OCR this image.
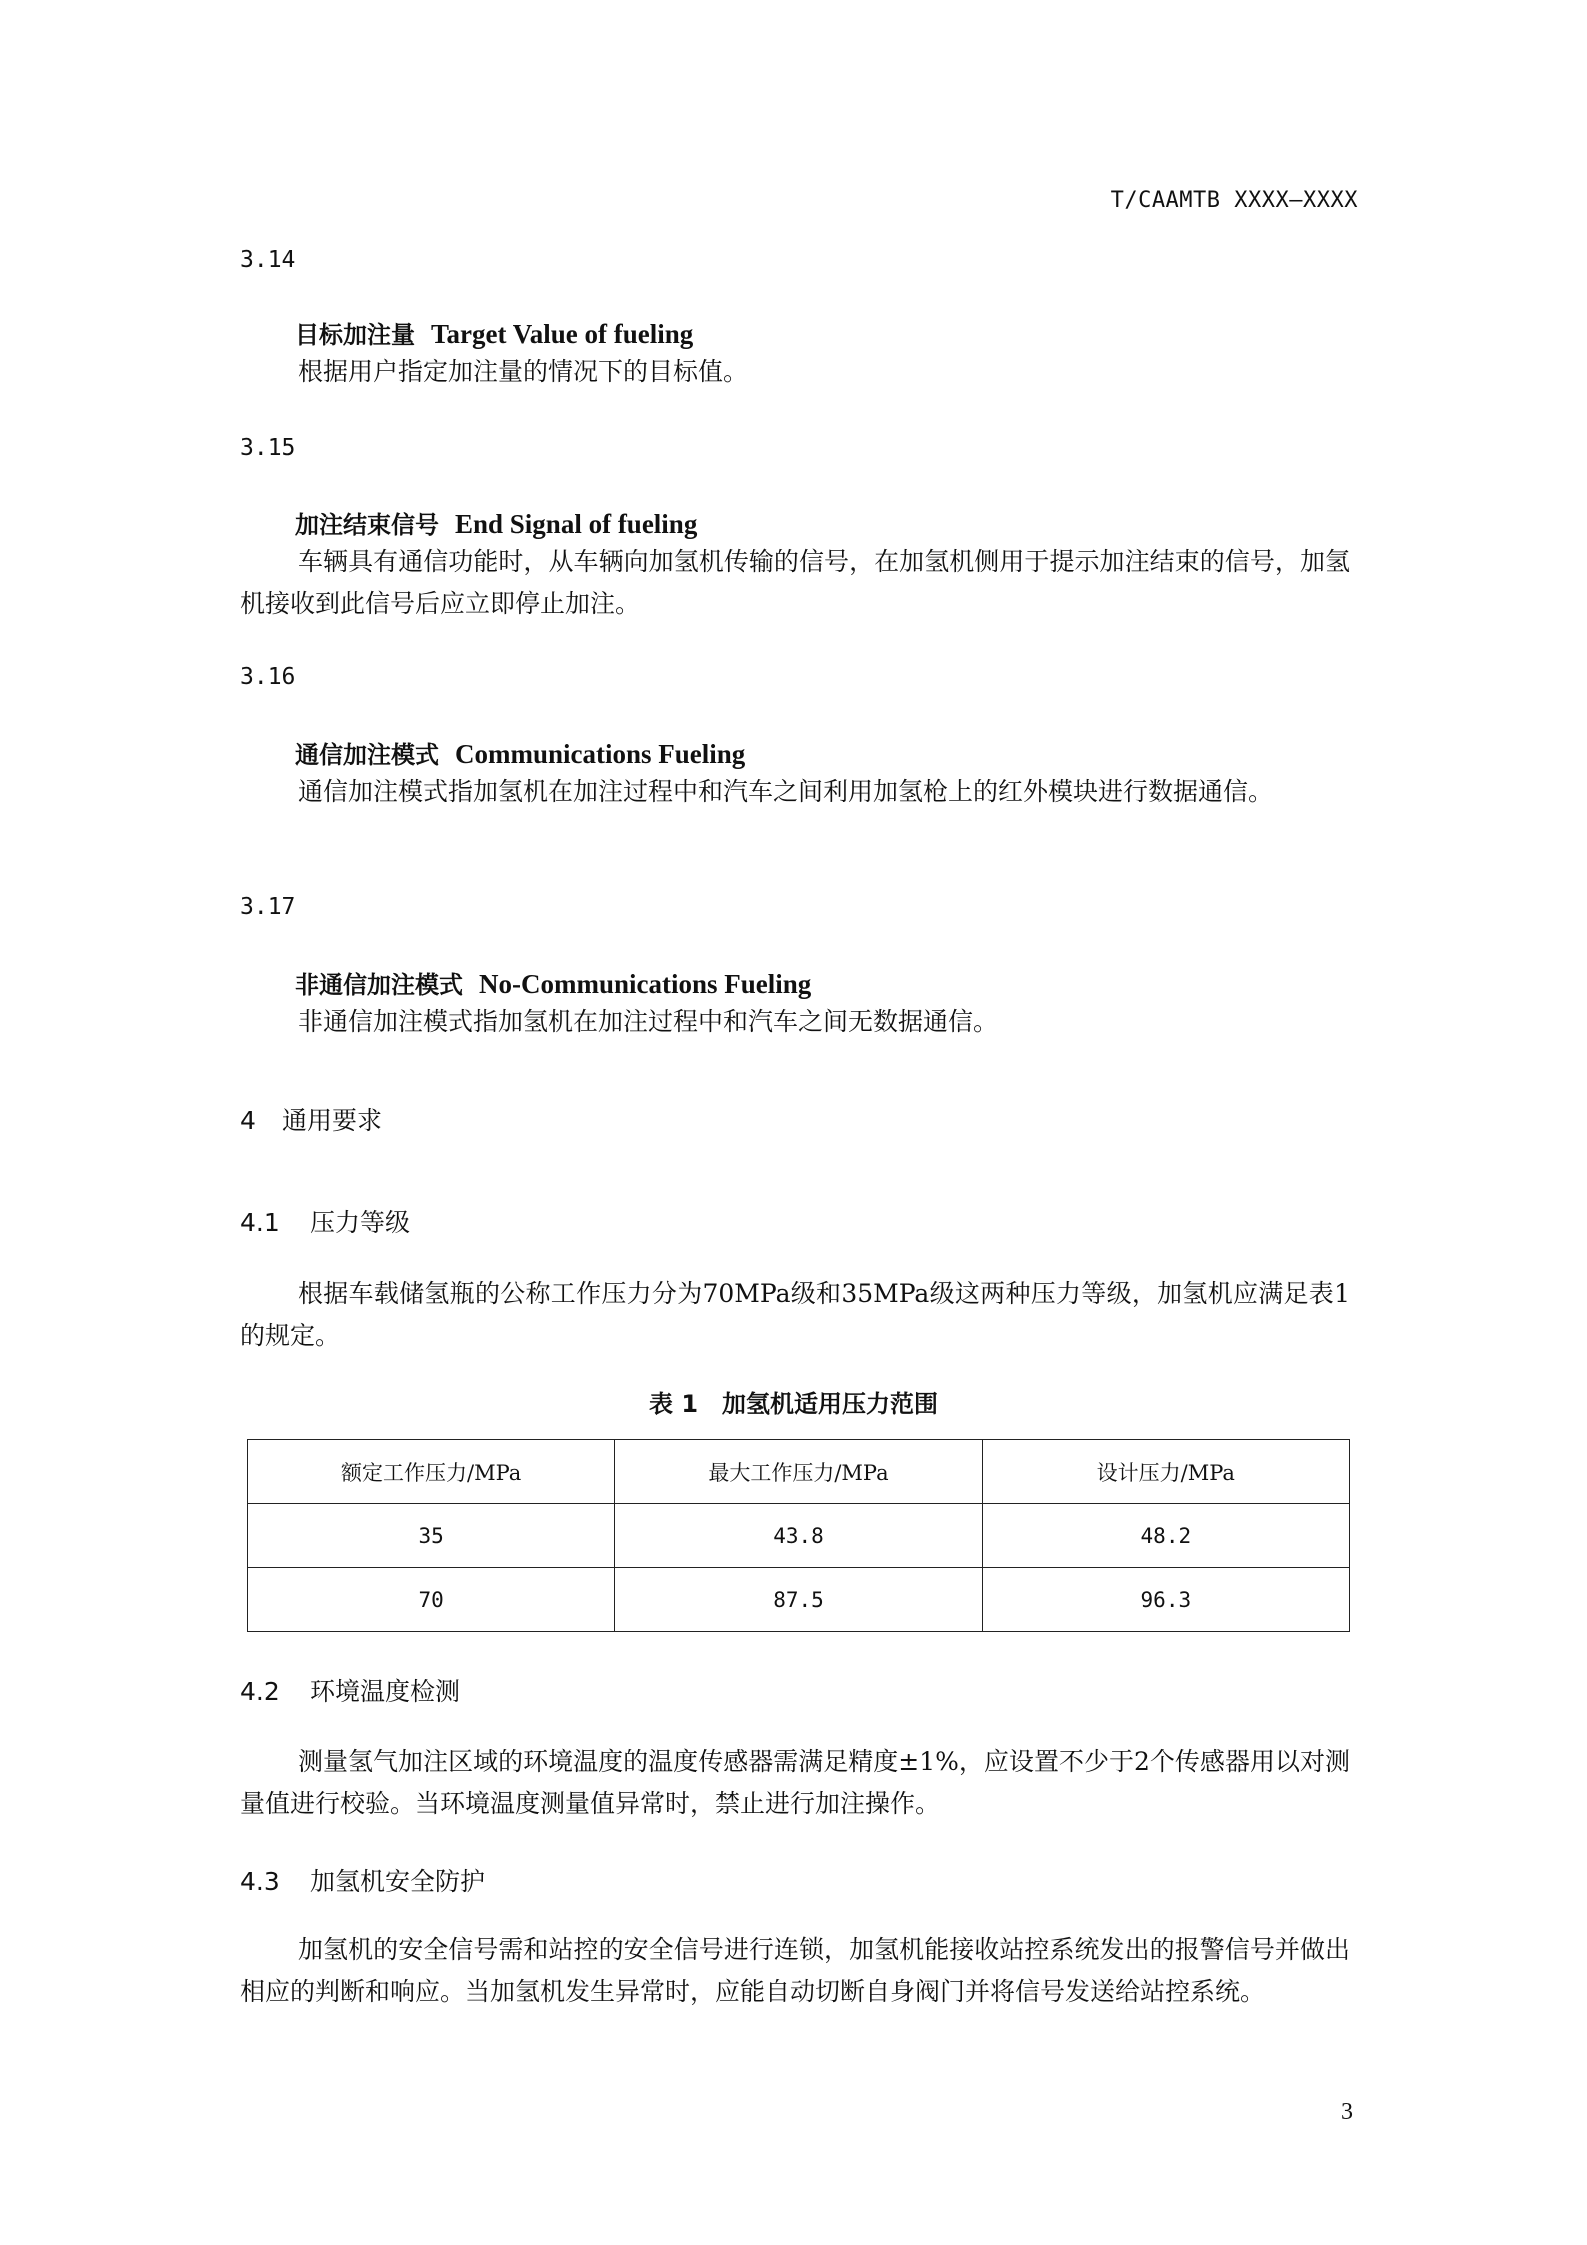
T/CAAMTB XXXX—XXXX
3.14
目标加注量 Target Value of fueling

根据用户指定加注量的情况下的目标值。

3.15
加注结束信号 End Signal of fueling

车辆具有通信功能时，从车辆向加氢机传输的信号，在加氢机侧用于提示加注结束的信号，加氢机接收到此信号后应立即停止加注。

3.16
通信加注模式 Communications Fueling

通信加注模式指加氢机在加注过程中和汽车之间利用加氢枪上的红外模块进行数据通信。

3.17
非通信加注模式 No-Communications Fueling

非通信加注模式指加氢机在加注过程中和汽车之间无数据通信。

4 通用要求
4.1 压力等级

根据车载储氢瓶的公称工作压力分为70MPa级和35MPa级这两种压力等级，加氢机应满足表1的规定。

表 1　加氢机适用压力范围
额定工作压力/MPa	最大工作压力/MPa	设计压力/MPa
35	43.8	48.2
70	87.5	96.3
4.2 环境温度检测

测量氢气加注区域的环境温度的温度传感器需满足精度±1%，应设置不少于2个传感器用以对测量值进行校验。当环境温度测量值异常时，禁止进行加注操作。

4.3 加氢机安全防护

加氢机的安全信号需和站控的安全信号进行连锁，加氢机能接收站控系统发出的报警信号并做出相应的判断和响应。当加氢机发生异常时，应能自动切断自身阀门并将信号发送给站控系统。

3
